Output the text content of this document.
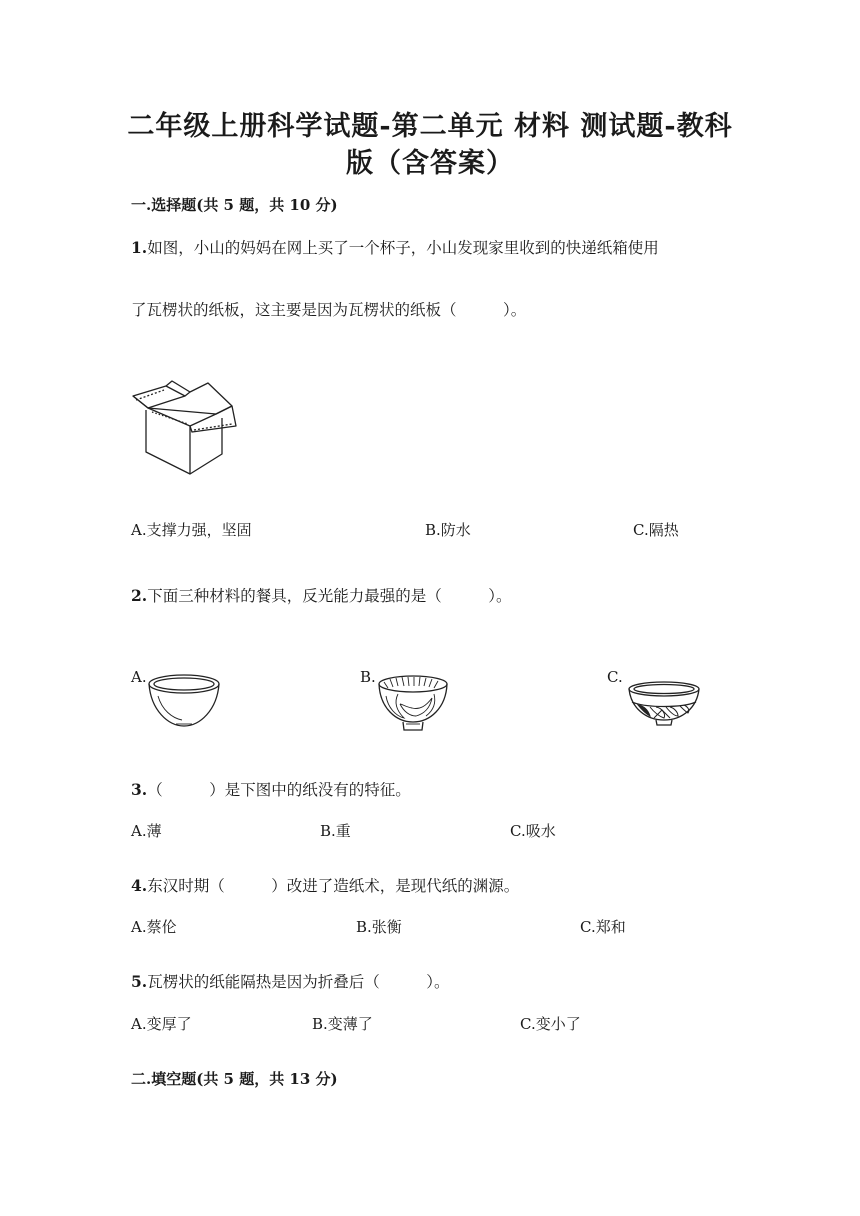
二年级上册科学试题-第二单元 材料 测试题-教科
版（含答案）
一.选择题(共 5 题，共 10 分)
1.如图，小山的妈妈在网上买了一个杯子，小山发现家里收到的快递纸箱使用
了瓦楞状的纸板，这主要是因为瓦楞状的纸板（　　　）。
A.支撑力强，坚固	B.防水	C.隔热
2.下面三种材料的餐具，反光能力最强的是（　　　）。
A.	B.	C.
3.（　　　）是下图中的纸没有的特征。
A.薄	B.重	C.吸水
4.东汉时期（　　　）改进了造纸术，是现代纸的渊源。
A.蔡伦	B.张衡	C.郑和
5.瓦楞状的纸能隔热是因为折叠后（　　　）。
A.变厚了	B.变薄了	C.变小了
二.填空题(共 5 题，共 13 分)
